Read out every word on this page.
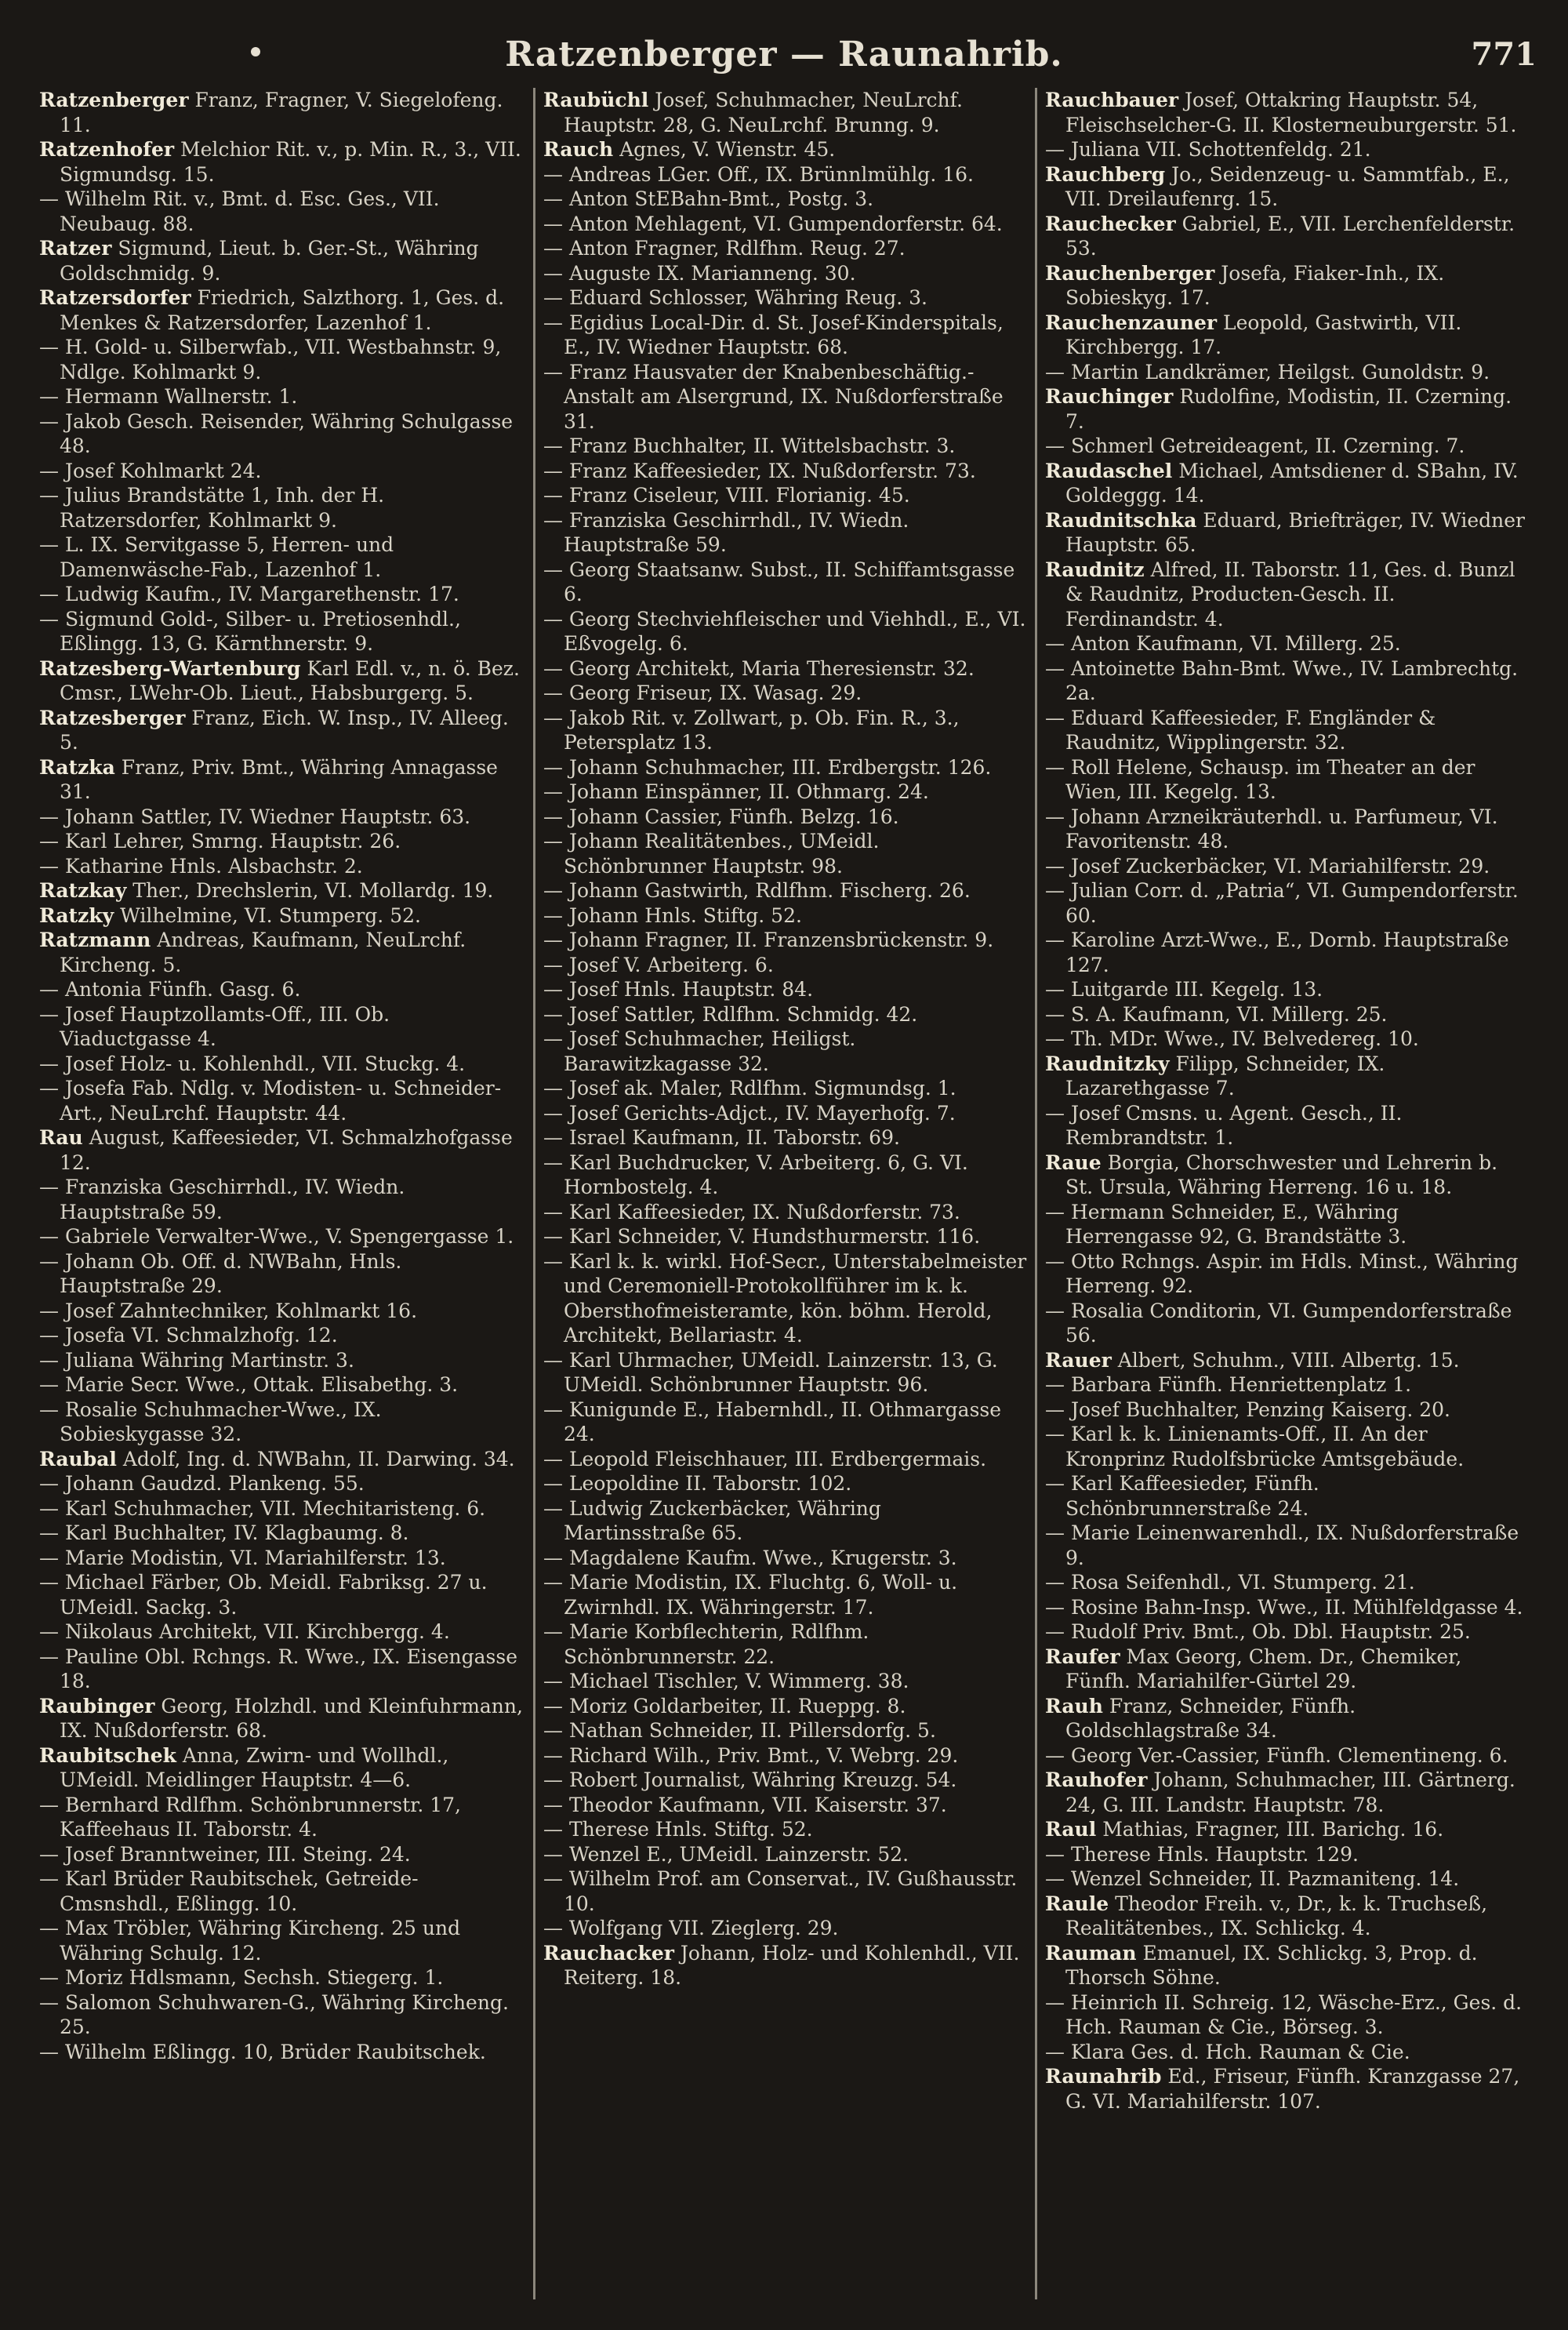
Ratzenberger — Raunahrib.	771

Ratzenberger Franz, Fragner, V. Siegelofeng. 11.

Ratzenhofer Melchior Rit. v., p. Min. R., 3., VII. Sigmundsg. 15.

— Wilhelm Rit. v., Bmt. d. Esc. Ges., VII. Neubaug. 88.

Ratzer Sigmund, Lieut. b. Ger.-St., Währing Goldschmidg. 9.

Ratzersdorfer Friedrich, Salzthorg. 1, Ges. d. Menkes & Ratzersdorfer, Lazenhof 1.

— H. Gold- u. Silberwfab., VII. Westbahnstr. 9, Ndlge. Kohlmarkt 9.

— Hermann Wallnerstr. 1.

— Jakob Gesch. Reisender, Währing Schulgasse 48.

— Josef Kohlmarkt 24.

— Julius Brandstätte 1, Inh. der H. Ratzersdorfer, Kohlmarkt 9.

— L. IX. Servitgasse 5, Herren- und Damenwäsche-Fab., Lazenhof 1.

— Ludwig Kaufm., IV. Margarethenstr. 17.

— Sigmund Gold-, Silber- u. Pretiosenhdl., Eßlingg. 13, G. Kärnthnerstr. 9.

Ratzesberg-Wartenburg Karl Edl. v., n. ö. Bez. Cmsr., LWehr-Ob. Lieut., Habsburgerg. 5.

Ratzesberger Franz, Eich. W. Insp., IV. Alleeg. 5.

Ratzka Franz, Priv. Bmt., Währing Annagasse 31.

— Johann Sattler, IV. Wiedner Hauptstr. 63.

— Karl Lehrer, Smrng. Hauptstr. 26.

— Katharine Hnls. Alsbachstr. 2.

Ratzkay Ther., Drechslerin, VI. Mollardg. 19.

Ratzky Wilhelmine, VI. Stumperg. 52.

Ratzmann Andreas, Kaufmann, NeuLrchf. Kircheng. 5.

— Antonia Fünfh. Gasg. 6.

— Josef Hauptzollamts-Off., III. Ob. Viaductgasse 4.

— Josef Holz- u. Kohlenhdl., VII. Stuckg. 4.

— Josefa Fab. Ndlg. v. Modisten- u. Schneider-Art., NeuLrchf. Hauptstr. 44.

Rau August, Kaffeesieder, VI. Schmalzhofgasse 12.

— Franziska Geschirrhdl., IV. Wiedn. Hauptstraße 59.

— Gabriele Verwalter-Wwe., V. Spengergasse 1.

— Johann Ob. Off. d. NWBahn, Hnls. Hauptstraße 29.

— Josef Zahntechniker, Kohlmarkt 16.

— Josefa VI. Schmalzhofg. 12.

— Juliana Währing Martinstr. 3.

— Marie Secr. Wwe., Ottak. Elisabethg. 3.

— Rosalie Schuhmacher-Wwe., IX. Sobieskygasse 32.

Raubal Adolf, Ing. d. NWBahn, II. Darwing. 34.

— Johann Gaudzd. Plankeng. 55.

— Karl Schuhmacher, VII. Mechitaristeng. 6.

— Karl Buchhalter, IV. Klagbaumg. 8.

— Marie Modistin, VI. Mariahilferstr. 13.

— Michael Färber, Ob. Meidl. Fabriksg. 27 u. UMeidl. Sackg. 3.

— Nikolaus Architekt, VII. Kirchbergg. 4.

— Pauline Obl. Rchngs. R. Wwe., IX. Eisengasse 18.

Raubinger Georg, Holzhdl. und Kleinfuhrmann, IX. Nußdorferstr. 68.

Raubitschek Anna, Zwirn- und Wollhdl., UMeidl. Meidlinger Hauptstr. 4—6.

— Bernhard Rdlfhm. Schönbrunnerstr. 17, Kaffeehaus II. Taborstr. 4.

— Josef Branntweiner, III. Steing. 24.

— Karl Brüder Raubitschek, Getreide-Cmsnshdl., Eßlingg. 10.

— Max Tröbler, Währing Kircheng. 25 und Währing Schulg. 12.

— Moriz Hdlsmann, Sechsh. Stiegerg. 1.

— Salomon Schuhwaren-G., Währing Kircheng. 25.

— Wilhelm Eßlingg. 10, Brüder Raubitschek.

Raubüchl Josef, Schuhmacher, NeuLrchf. Hauptstr. 28, G. NeuLrchf. Brunng. 9.

Rauch Agnes, V. Wienstr. 45.

— Andreas LGer. Off., IX. Brünnlmühlg. 16.

— Anton StEBahn-Bmt., Postg. 3.

— Anton Mehlagent, VI. Gumpendorferstr. 64.

— Anton Fragner, Rdlfhm. Reug. 27.

— Auguste IX. Marianneng. 30.

— Eduard Schlosser, Währing Reug. 3.

— Egidius Local-Dir. d. St. Josef-Kinderspitals, E., IV. Wiedner Hauptstr. 68.

— Franz Hausvater der Knabenbeschäftig.-Anstalt am Alsergrund, IX. Nußdorferstraße 31.

— Franz Buchhalter, II. Wittelsbachstr. 3.

— Franz Kaffeesieder, IX. Nußdorferstr. 73.

— Franz Ciseleur, VIII. Florianig. 45.

— Franziska Geschirrhdl., IV. Wiedn. Hauptstraße 59.

— Georg Staatsanw. Subst., II. Schiffamtsgasse 6.

— Georg Stechviehfleischer und Viehhdl., E., VI. Eßvogelg. 6.

— Georg Architekt, Maria Theresienstr. 32.

— Georg Friseur, IX. Wasag. 29.

— Jakob Rit. v. Zollwart, p. Ob. Fin. R., 3., Petersplatz 13.

— Johann Schuhmacher, III. Erdbergstr. 126.

— Johann Einspänner, II. Othmarg. 24.

— Johann Cassier, Fünfh. Belzg. 16.

— Johann Realitätenbes., UMeidl. Schönbrunner Hauptstr. 98.

— Johann Gastwirth, Rdlfhm. Fischerg. 26.

— Johann Hnls. Stiftg. 52.

— Johann Fragner, II. Franzensbrückenstr. 9.

— Josef V. Arbeiterg. 6.

— Josef Hnls. Hauptstr. 84.

— Josef Sattler, Rdlfhm. Schmidg. 42.

— Josef Schuhmacher, Heiligst. Barawitzkagasse 32.

— Josef ak. Maler, Rdlfhm. Sigmundsg. 1.

— Josef Gerichts-Adjct., IV. Mayerhofg. 7.

— Israel Kaufmann, II. Taborstr. 69.

— Karl Buchdrucker, V. Arbeiterg. 6, G. VI. Hornbostelg. 4.

— Karl Kaffeesieder, IX. Nußdorferstr. 73.

— Karl Schneider, V. Hundsthurmerstr. 116.

— Karl k. k. wirkl. Hof-Secr., Unterstabelmeister und Ceremoniell-Protokollführer im k. k. Obersthofmeisteramte, kön. böhm. Herold, Architekt, Bellariastr. 4.

— Karl Uhrmacher, UMeidl. Lainzerstr. 13, G. UMeidl. Schönbrunner Hauptstr. 96.

— Kunigunde E., Habernhdl., II. Othmargasse 24.

— Leopold Fleischhauer, III. Erdbergermais.

— Leopoldine II. Taborstr. 102.

— Ludwig Zuckerbäcker, Währing Martinsstraße 65.

— Magdalene Kaufm. Wwe., Krugerstr. 3.

— Marie Modistin, IX. Fluchtg. 6, Woll- u. Zwirnhdl. IX. Währingerstr. 17.

— Marie Korbflechterin, Rdlfhm. Schönbrunnerstr. 22.

— Michael Tischler, V. Wimmerg. 38.

— Moriz Goldarbeiter, II. Rueppg. 8.

— Nathan Schneider, II. Pillersdorfg. 5.

— Richard Wilh., Priv. Bmt., V. Webrg. 29.

— Robert Journalist, Währing Kreuzg. 54.

— Theodor Kaufmann, VII. Kaiserstr. 37.

— Therese Hnls. Stiftg. 52.

— Wenzel E., UMeidl. Lainzerstr. 52.

— Wilhelm Prof. am Conservat., IV. Gußhausstr. 10.

— Wolfgang VII. Zieglerg. 29.

Rauchacker Johann, Holz- und Kohlenhdl., VII. Reiterg. 18.

Rauchbauer Josef, Ottakring Hauptstr. 54, Fleischselcher-G. II. Klosterneuburgerstr. 51.

— Juliana VII. Schottenfeldg. 21.

Rauchberg Jo., Seidenzeug- u. Sammtfab., E., VII. Dreilaufenrg. 15.

Rauchecker Gabriel, E., VII. Lerchenfelderstr. 53.

Rauchenberger Josefa, Fiaker-Inh., IX. Sobieskyg. 17.

Rauchenzauner Leopold, Gastwirth, VII. Kirchbergg. 17.

— Martin Landkrämer, Heilgst. Gunoldstr. 9.

Rauchinger Rudolfine, Modistin, II. Czerning. 7.

— Schmerl Getreideagent, II. Czerning. 7.

Raudaschel Michael, Amtsdiener d. SBahn, IV. Goldeggg. 14.

Raudnitschka Eduard, Briefträger, IV. Wiedner Hauptstr. 65.

Raudnitz Alfred, II. Taborstr. 11, Ges. d. Bunzl & Raudnitz, Producten-Gesch. II. Ferdinandstr. 4.

— Anton Kaufmann, VI. Millerg. 25.

— Antoinette Bahn-Bmt. Wwe., IV. Lambrechtg. 2a.

— Eduard Kaffeesieder, F. Engländer & Raudnitz, Wipplingerstr. 32.

— Roll Helene, Schausp. im Theater an der Wien, III. Kegelg. 13.

— Johann Arzneikräuterhdl. u. Parfumeur, VI. Favoritenstr. 48.

— Josef Zuckerbäcker, VI. Mariahilferstr. 29.

— Julian Corr. d. „Patria“, VI. Gumpendorferstr. 60.

— Karoline Arzt-Wwe., E., Dornb. Hauptstraße 127.

— Luitgarde III. Kegelg. 13.

— S. A. Kaufmann, VI. Millerg. 25.

— Th. MDr. Wwe., IV. Belvedereg. 10.

Raudnitzky Filipp, Schneider, IX. Lazarethgasse 7.

— Josef Cmsns. u. Agent. Gesch., II. Rembrandtstr. 1.

Raue Borgia, Chorschwester und Lehrerin b. St. Ursula, Währing Herreng. 16 u. 18.

— Hermann Schneider, E., Währing Herrengasse 92, G. Brandstätte 3.

— Otto Rchngs. Aspir. im Hdls. Minst., Währing Herreng. 92.

— Rosalia Conditorin, VI. Gumpendorferstraße 56.

Rauer Albert, Schuhm., VIII. Albertg. 15.

— Barbara Fünfh. Henriettenplatz 1.

— Josef Buchhalter, Penzing Kaiserg. 20.

— Karl k. k. Linienamts-Off., II. An der Kronprinz Rudolfsbrücke Amtsgebäude.

— Karl Kaffeesieder, Fünfh. Schönbrunnerstraße 24.

— Marie Leinenwarenhdl., IX. Nußdorferstraße 9.

— Rosa Seifenhdl., VI. Stumperg. 21.

— Rosine Bahn-Insp. Wwe., II. Mühlfeldgasse 4.

— Rudolf Priv. Bmt., Ob. Dbl. Hauptstr. 25.

Raufer Max Georg, Chem. Dr., Chemiker, Fünfh. Mariahilfer-Gürtel 29.

Rauh Franz, Schneider, Fünfh. Goldschlagstraße 34.

— Georg Ver.-Cassier, Fünfh. Clementineng. 6.

Rauhofer Johann, Schuhmacher, III. Gärtnerg. 24, G. III. Landstr. Hauptstr. 78.

Raul Mathias, Fragner, III. Barichg. 16.

— Therese Hnls. Hauptstr. 129.

— Wenzel Schneider, II. Pazmaniteng. 14.

Raule Theodor Freih. v., Dr., k. k. Truchseß, Realitätenbes., IX. Schlickg. 4.

Rauman Emanuel, IX. Schlickg. 3, Prop. d. Thorsch Söhne.

— Heinrich II. Schreig. 12, Wäsche-Erz., Ges. d. Hch. Rauman & Cie., Börseg. 3.

— Klara Ges. d. Hch. Rauman & Cie.

Raunahrib Ed., Friseur, Fünfh. Kranzgasse 27, G. VI. Mariahilferstr. 107.
